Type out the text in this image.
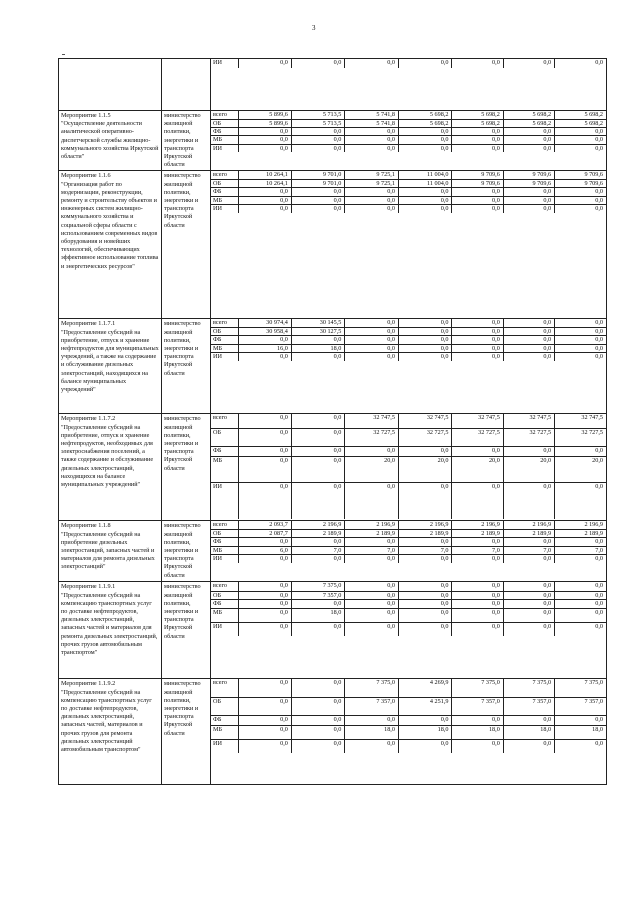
3

ИИ	0,0	0,0	0,0	0,0	0,0	0,0	0,0

Мероприятие 1.1.5
"Осуществление деятельности аналитической оперативно-диспетчерской службы жилищно-коммунального хозяйства Иркутской области"	министерство жилищной политики, энергетики и транспорта Иркутской области	
всего	5 899,6	5 713,5	5 741,8	5 698,2	5 698,2	5 698,2	5 698,2
ОБ	5 899,6	5 713,5	5 741,8	5 698,2	5 698,2	5 698,2	5 698,2
ФБ	0,0	0,0	0,0	0,0	0,0	0,0	0,0
МБ	0,0	0,0	0,0	0,0	0,0	0,0	0,0
ИИ	0,0	0,0	0,0	0,0	0,0	0,0	0,0

Мероприятие 1.1.6
"Организация работ по модернизации, реконструкции, ремонту и строительству объектов и инженерных систем жилищно-коммунального хозяйства и социальной сферы области с использованием современных видов оборудования и новейших технологий, обеспечивающих эффективное использование топлива и энергетических ресурсов"	министерство жилищной политики, энергетики и транспорта Иркутской области	
всего	10 264,1	9 701,0	9 725,1	11 004,0	9 709,6	9 709,6	9 709,6
ОБ	10 264,1	9 701,0	9 725,1	11 004,0	9 709,6	9 709,6	9 709,6
ФБ	0,0	0,0	0,0	0,0	0,0	0,0	0,0
МБ	0,0	0,0	0,0	0,0	0,0	0,0	0,0
ИИ	0,0	0,0	0,0	0,0	0,0	0,0	0,0

Мероприятие 1.1.7.1
"Предоставление субсидий на приобретение, отпуск и хранение нефтепродуктов для муниципальных учреждений, а также на содержание и обслуживание дизельных электростанций, находящихся на балансе муниципальных учреждений"	министерство жилищной политики, энергетики и транспорта Иркутской области	
всего	30 974,4	30 145,5	0,0	0,0	0,0	0,0	0,0
ОБ	30 958,4	30 127,5	0,0	0,0	0,0	0,0	0,0
ФБ	0,0	0,0	0,0	0,0	0,0	0,0	0,0
МБ	16,0	18,0	0,0	0,0	0,0	0,0	0,0
ИИ	0,0	0,0	0,0	0,0	0,0	0,0	0,0

Мероприятие 1.1.7.2
"Предоставление субсидий на приобретение, отпуск и хранение нефтепродуктов, необходимых для электроснабжения поселений, а также содержание и обслуживание дизельных электростанций, находящихся на балансе муниципальных учреждений"	министерство жилищной политики, энергетики и транспорта Иркутской области	
всего	0,0	0,0	32 747,5	32 747,5	32 747,5	32 747,5	32 747,5
ОБ	0,0	0,0	32 727,5	32 727,5	32 727,5	32 727,5	32 727,5
ФБ	0,0	0,0	0,0	0,0	0,0	0,0	0,0
МБ	0,0	0,0	20,0	20,0	20,0	20,0	20,0
ИИ	0,0	0,0	0,0	0,0	0,0	0,0	0,0

Мероприятие 1.1.8
"Предоставление субсидий на приобретение дизельных электростанций, запасных частей и материалов для ремонта дизельных электростанций"	министерство жилищной политики, энергетики и транспорта Иркутской области	
всего	2 093,7	2 196,9	2 196,9	2 196,9	2 196,9	2 196,9	2 196,9
ОБ	2 087,7	2 189,9	2 189,9	2 189,9	2 189,9	2 189,9	2 189,9
ФБ	0,0	0,0	0,0	0,0	0,0	0,0	0,0
МБ	6,0	7,0	7,0	7,0	7,0	7,0	7,0
ИИ	0,0	0,0	0,0	0,0	0,0	0,0	0,0

Мероприятие 1.1.9.1
"Предоставление субсидий на компенсацию транспортных услуг по доставке нефтепродуктов, дизельных электростанций, запасных частей и материалов для ремонта дизельных электростанций, прочих грузов автомобильным транспортом"	министерство жилищной политики, энергетики и транспорта Иркутской области	
всего	0,0	7 375,0	0,0	0,0	0,0	0,0	0,0
ОБ	0,0	7 357,0	0,0	0,0	0,0	0,0	0,0
ФБ	0,0	0,0	0,0	0,0	0,0	0,0	0,0
МБ	0,0	18,0	0,0	0,0	0,0	0,0	0,0
ИИ	0,0	0,0	0,0	0,0	0,0	0,0	0,0

Мероприятие 1.1.9.2
"Предоставление субсидий на компенсацию транспортных услуг по доставке нефтепродуктов, дизельных электростанций, запасных частей, материалов и прочих грузов для ремонта дизельных электростанций автомобильным транспортом"	министерство жилищной политики, энергетики и транспорта Иркутской области	
всего	0,0	0,0	7 375,0	4 269,9	7 375,0	7 375,0	7 375,0
ОБ	0,0	0,0	7 357,0	4 251,9	7 357,0	7 357,0	7 357,0
ФБ	0,0	0,0	0,0	0,0	0,0	0,0	0,0
МБ	0,0	0,0	18,0	18,0	18,0	18,0	18,0
ИИ	0,0	0,0	0,0	0,0	0,0	0,0	0,0
